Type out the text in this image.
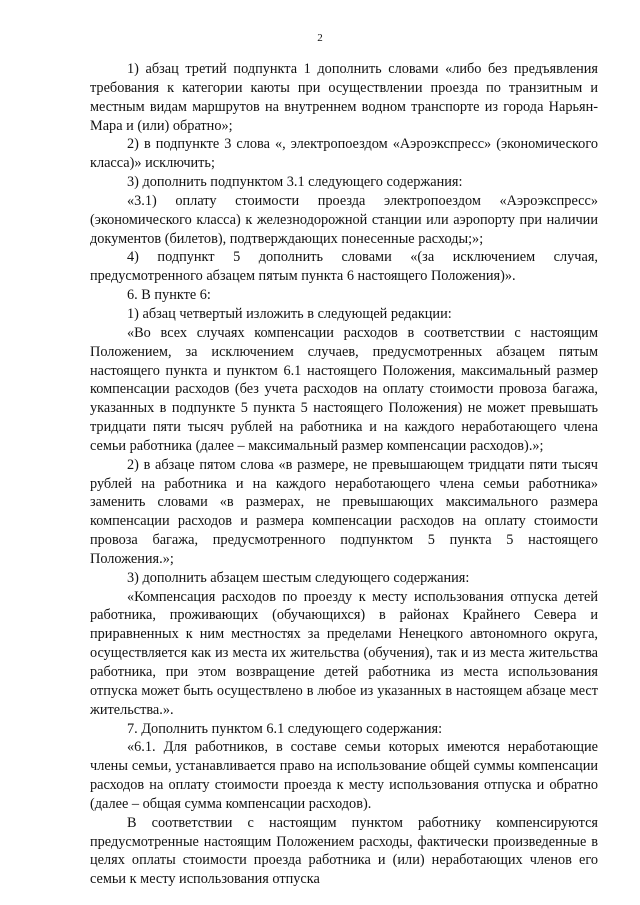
2

1) абзац третий подпункта 1 дополнить словами «либо без предъявления требования к категории каюты при осуществлении проезда по транзитным и местным видам маршрутов на внутреннем водном транспорте из города Нарьян-Мара и (или) обратно»;

2) в подпункте 3 слова «, электропоездом «Аэроэкспресс» (экономического класса)» исключить;

3) дополнить подпунктом 3.1 следующего содержания:

«3.1) оплату стоимости проезда электропоездом «Аэроэкспресс» (экономического класса) к железнодорожной станции или аэропорту при наличии документов (билетов), подтверждающих понесенные расходы;»;

4) подпункт 5 дополнить словами «(за исключением случая, предусмотренного абзацем пятым пункта 6 настоящего Положения)».

6. В пункте 6:

1) абзац четвертый изложить в следующей редакции:

«Во всех случаях компенсации расходов в соответствии с настоящим Положением, за исключением случаев, предусмотренных абзацем пятым настоящего пункта и пунктом 6.1 настоящего Положения, максимальный размер компенсации расходов (без учета расходов на оплату стоимости провоза багажа, указанных в подпункте 5 пункта 5 настоящего Положения) не может превышать тридцати пяти тысяч рублей на работника и на каждого неработающего члена семьи работника (далее – максимальный размер компенсации расходов).»;

2) в абзаце пятом слова «в размере, не превышающем тридцати пяти тысяч рублей на работника и на каждого неработающего члена семьи работника» заменить словами «в размерах, не превышающих максимального размера компенсации расходов и размера компенсации расходов на оплату стоимости провоза багажа, предусмотренного подпунктом 5 пункта 5 настоящего Положения.»;

3) дополнить абзацем шестым следующего содержания:

«Компенсация расходов по проезду к месту использования отпуска детей работника, проживающих (обучающихся) в районах Крайнего Севера и приравненных к ним местностях за пределами Ненецкого автономного округа, осуществляется как из места их жительства (обучения), так и из места жительства работника, при этом возвращение детей работника из места использования отпуска может быть осуществлено в любое из указанных в настоящем абзаце мест жительства.».

7. Дополнить пунктом 6.1 следующего содержания:

«6.1. Для работников, в составе семьи которых имеются неработающие члены семьи, устанавливается право на использование общей суммы компенсации расходов на оплату стоимости проезда к месту использования отпуска и обратно (далее – общая сумма компенсации расходов).

В соответствии с настоящим пунктом работнику компенсируются предусмотренные настоящим Положением расходы, фактически произведенные в целях оплаты стоимости проезда работника и (или) неработающих членов его семьи к месту использования отпуска
